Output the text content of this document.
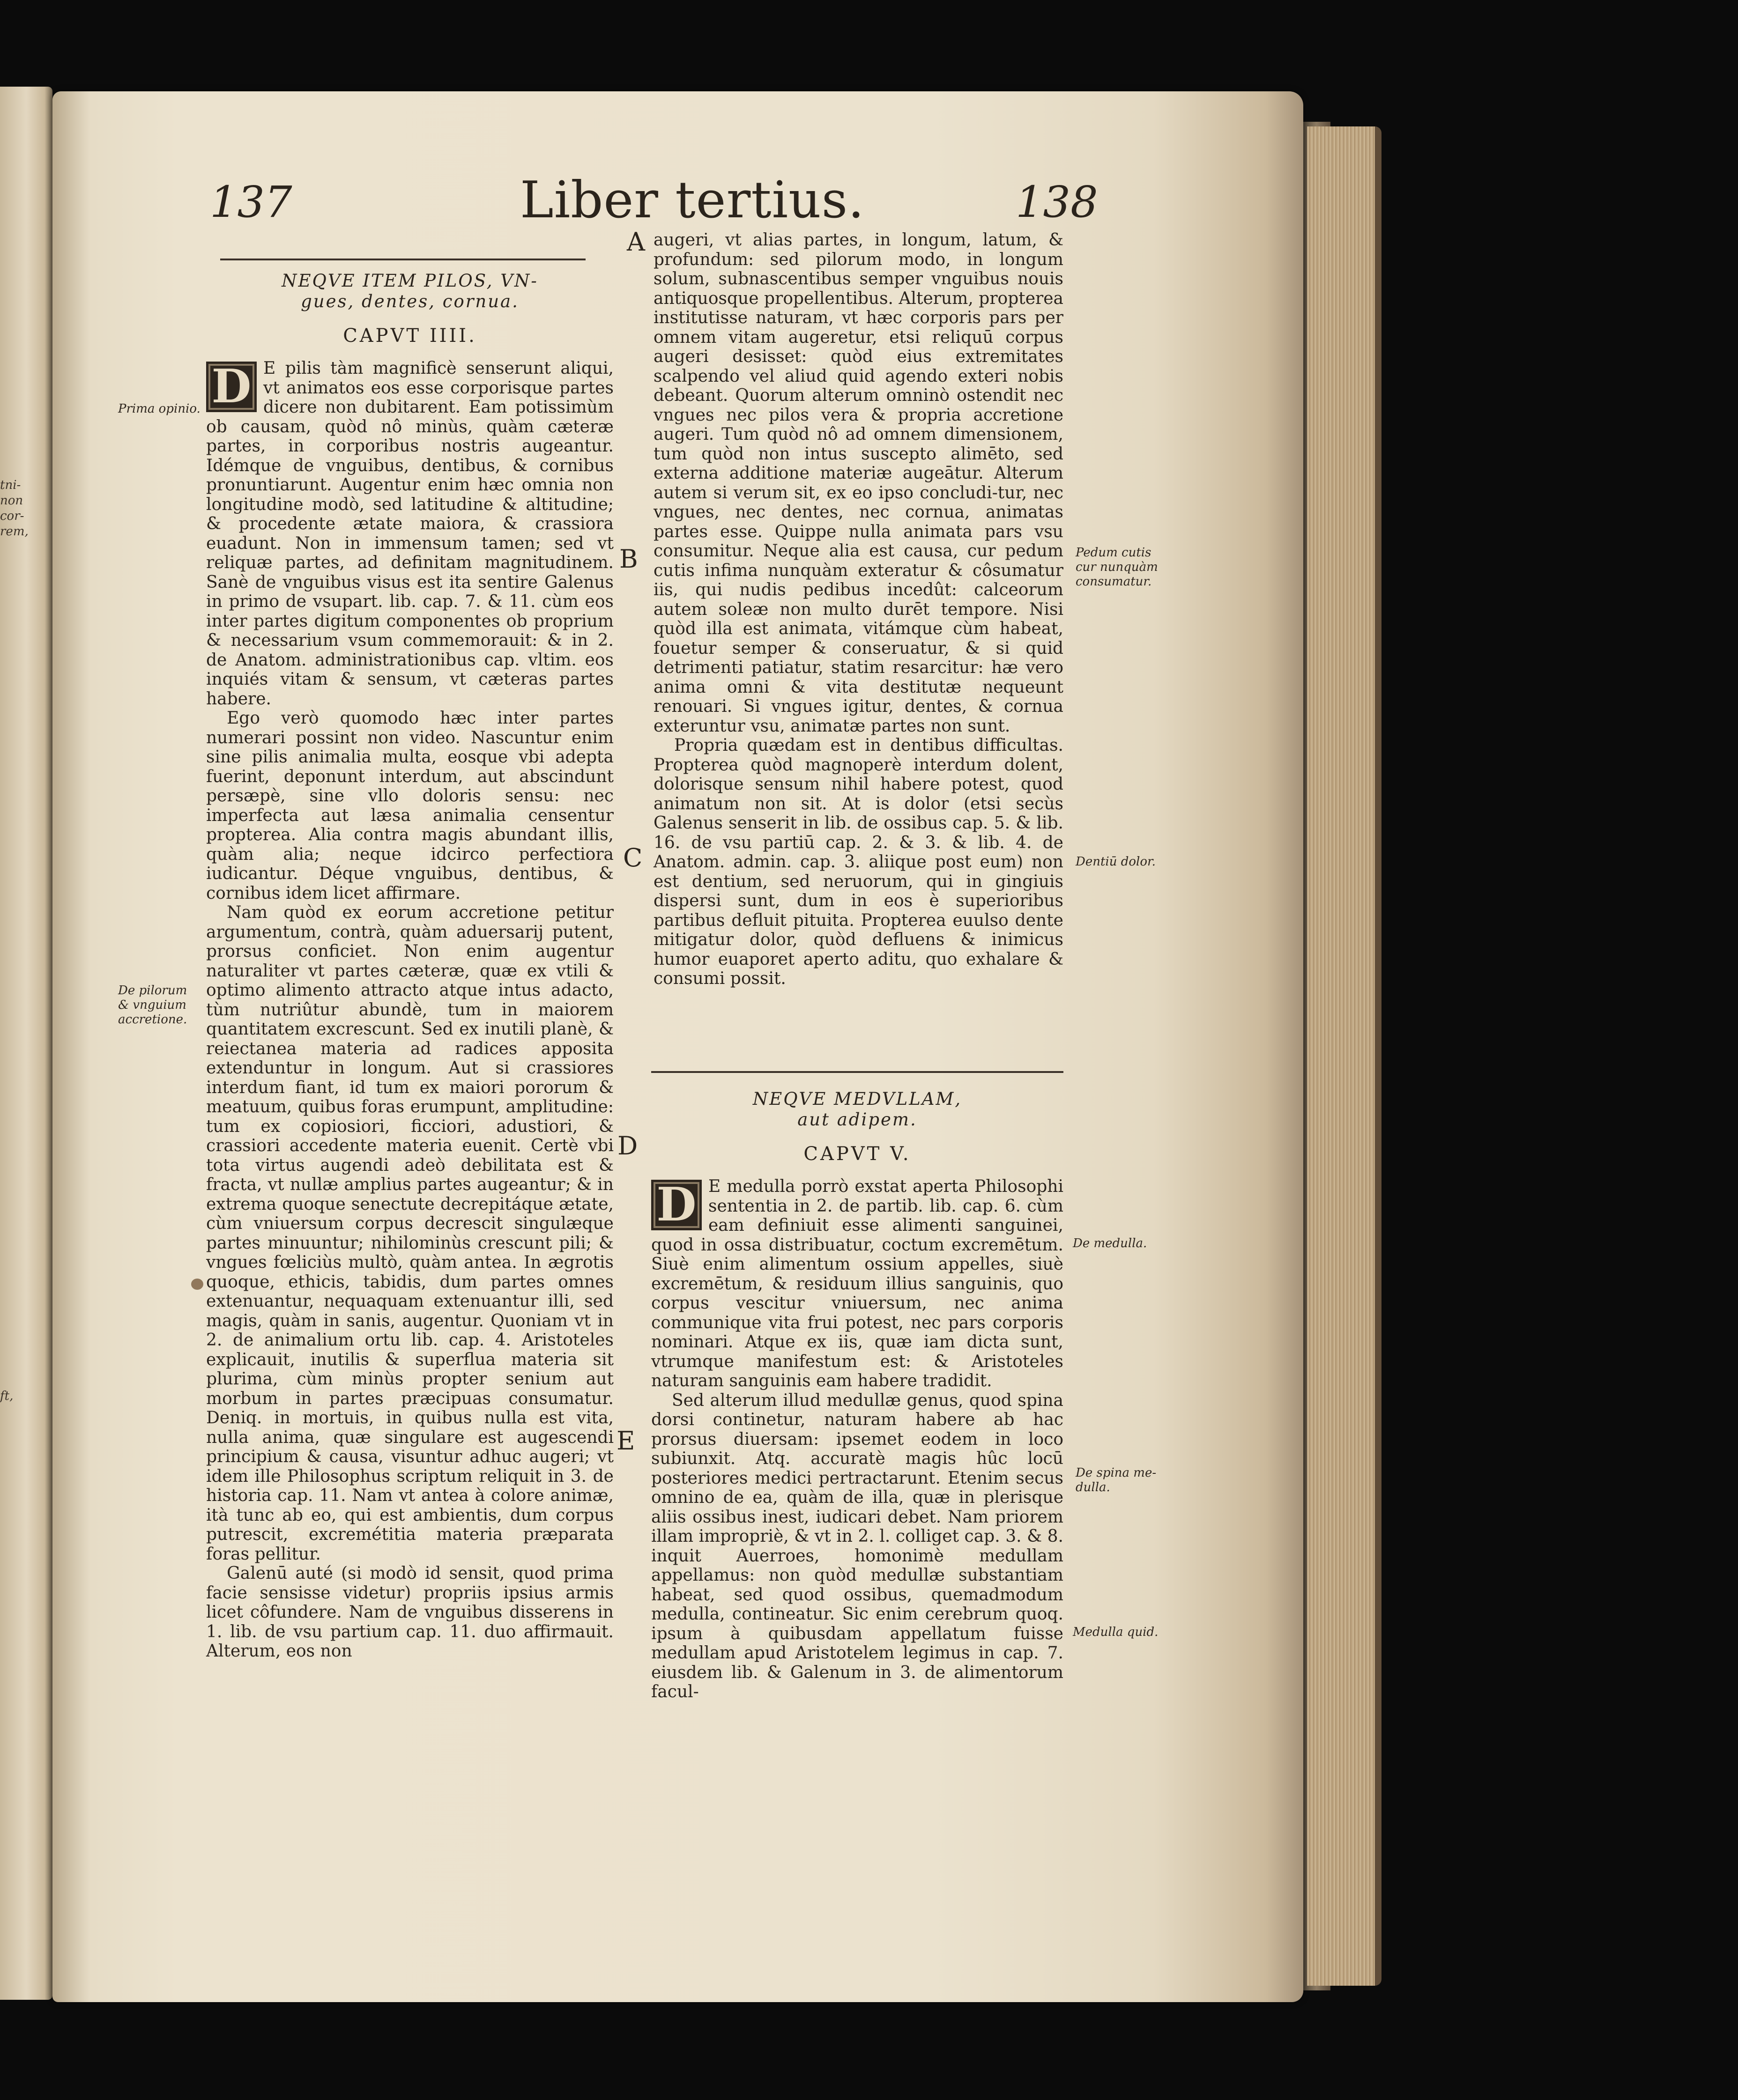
tni-
non
cor-
rem,
ft,
137	Liber tertius.	138

NEQVE ITEM PILOS, VN-

gues, dentes, cornua.

CAPVT IIII.
D E pilis tàm magnificè senserunt aliqui, vt animatos eos esse corporisque partes dicere non dubitarent. Eam potissimùm ob causam, quòd nô minùs, quàm cæteræ partes, in corporibus nostris augeantur. Idémque de vnguibus, dentibus, & cornibus pronuntiarunt. Augentur enim hæc omnia non longitudine modò, sed latitudine & altitudine; & procedente ætate maiora, & crassiora euadunt. Non in immensum tamen; sed vt reliquæ partes, ad definitam magnitudinem. Sanè de vnguibus visus est ita sentire Galenus in primo de vsupart. lib. cap. 7. & 11. cùm eos inter partes digitum componentes ob proprium & necessarium vsum commemorauit: & in 2. de Anatom. administrationibus cap. vltim. eos inquiés vitam & sensum, vt cæteras partes habere.

Ego verò quomodo hæc inter partes numerari possint non video. Nascuntur enim sine pilis animalia multa, eosque vbi adepta fuerint, deponunt interdum, aut abscindunt persæpè, sine vllo doloris sensu: nec imperfecta aut læsa animalia censentur propterea. Alia contra magis abundant illis, quàm alia; neque idcirco perfectiora iudicantur. Déque vnguibus, dentibus, & cornibus idem licet affirmare.

Nam quòd ex eorum accretione petitur argumentum, contrà, quàm aduersarij putent, prorsus conficiet. Non enim augentur naturaliter vt partes cæteræ, quæ ex vtili & optimo alimento attracto atque intus adacto, tùm nutriûtur abundè, tum in maiorem quantitatem excrescunt. Sed ex inutili planè, & reiectanea materia ad radices apposita extenduntur in longum. Aut si crassiores interdum fiant, id tum ex maiori pororum & meatuum, quibus foras erumpunt, amplitudine: tum ex copiosiori, ficciori, adustiori, & crassiori accedente materia euenit. Certè vbi tota virtus augendi adeò debilitata est & fracta, vt nullæ amplius partes augeantur; & in extrema quoque senectute decrepitáque ætate, cùm vniuersum corpus decrescit singulæque partes minuuntur; nihilominùs crescunt pili; & vngues fœliciùs multò, quàm antea. In ægrotis quoque, ethicis, tabidis, dum partes omnes extenuantur, nequaquam extenuantur illi, sed magis, quàm in sanis, augentur. Quoniam vt in 2. de animalium ortu lib. cap. 4. Aristoteles explicauit, inutilis & superflua materia sit plurima, cùm minùs propter senium aut morbum in partes præcipuas consumatur. Deniq. in mortuis, in quibus nulla est vita, nulla anima, quæ singulare est augescendi principium & causa, visuntur adhuc augeri; vt idem ille Philosophus scriptum reliquit in 3. de historia cap. 11. Nam vt antea à colore animæ, ità tunc ab eo, qui est ambientis, dum corpus putrescit, excremétitia materia præparata foras pellitur.

Galenū auté (si modò id sensit, quod prima facie sensisse videtur) propriis ipsius armis licet côfundere. Nam de vnguibus disserens in 1. lib. de vsu partium cap. 11. duo affirmauit. Alterum, eos non

Prima opinio.
De pilorum
& vnguium
accretione.

augeri, vt alias partes, in longum, latum, & profundum: sed pilorum modo, in longum solum, subnascentibus semper vnguibus nouis antiquosque propellentibus. Alterum, propterea institutisse naturam, vt hæc corporis pars per omnem vitam augeretur, etsi reliquū corpus augeri desisset: quòd eius extremitates scalpendo vel aliud quid agendo exteri nobis debeant. Quorum alterum omninò ostendit nec vngues nec pilos vera & propria accretione augeri. Tum quòd nô ad omnem dimensionem, tum quòd non intus suscepto alimēto, sed externa additione materiæ augeātur. Alterum autem si verum sit, ex eo ipso concludi-tur, nec vngues, nec dentes, nec cornua, animatas partes esse. Quippe nulla animata pars vsu consumitur. Neque alia est causa, cur pedum cutis infima nunquàm exteratur & côsumatur iis, qui nudis pedibus incedût: calceorum autem soleæ non multo durēt tempore. Nisi quòd illa est animata, vitámque cùm habeat, fouetur semper & conseruatur, & si quid detrimenti patiatur, statim resarcitur: hæ vero anima omni & vita destitutæ nequeunt renouari. Si vngues igitur, dentes, & cornua exteruntur vsu, animatæ partes non sunt.

Propria quædam est in dentibus difficultas. Propterea quòd magnoperè interdum dolent, dolorisque sensum nihil habere potest, quod animatum non sit. At is dolor (etsi secùs Galenus senserit in lib. de ossibus cap. 5. & lib. 16. de vsu partiū cap. 2. & 3. & lib. 4. de Anatom. admin. cap. 3. aliique post eum) non est dentium, sed neruorum, qui in gingiuis dispersi sunt, dum in eos è superioribus partibus defluit pituita. Propterea euulso dente mitigatur dolor, quòd defluens & inimicus humor euaporet aperto aditu, quo exhalare & consumi possit.

NEQVE MEDVLLAM,

aut adipem.

CAPVT V.
D E medulla porrò exstat aperta Philosophi sententia in 2. de partib. lib. cap. 6. cùm eam definiuit esse alimenti sanguinei, quod in ossa distribuatur, coctum excremētum. Siuè enim alimentum ossium appelles, siuè excremētum, & residuum illius sanguinis, quo corpus vescitur vniuersum, nec anima communique vita frui potest, nec pars corporis nominari. Atque ex iis, quæ iam dicta sunt, vtrumque manifestum est: & Aristoteles naturam sanguinis eam habere tradidit.

Sed alterum illud medullæ genus, quod spina dorsi continetur, naturam habere ab hac prorsus diuersam: ipsemet eodem in loco subiunxit. Atq. accuratè magis hûc locū posteriores medici pertractarunt. Etenim secus omnino de ea, quàm de illa, quæ in plerisque aliis ossibus inest, iudicari debet. Nam priorem illam impropriè, & vt in 2. l. colliget cap. 3. & 8. inquit Auerroes, homonimè medullam appellamus: non quòd medullæ substantiam habeat, sed quod ossibus, quemadmodum medulla, contineatur. Sic enim cerebrum quoq. ipsum à quibusdam appellatum fuisse medullam apud Aristotelem legimus in cap. 7. eiusdem lib. & Galenum in 3. de alimentorum facul-

Pedum cutis
cur nunquàm
consumatur.
Dentiū dolor.
De medulla.
De spina me-
dulla.
Medulla quid.
A
B
C
D
E
